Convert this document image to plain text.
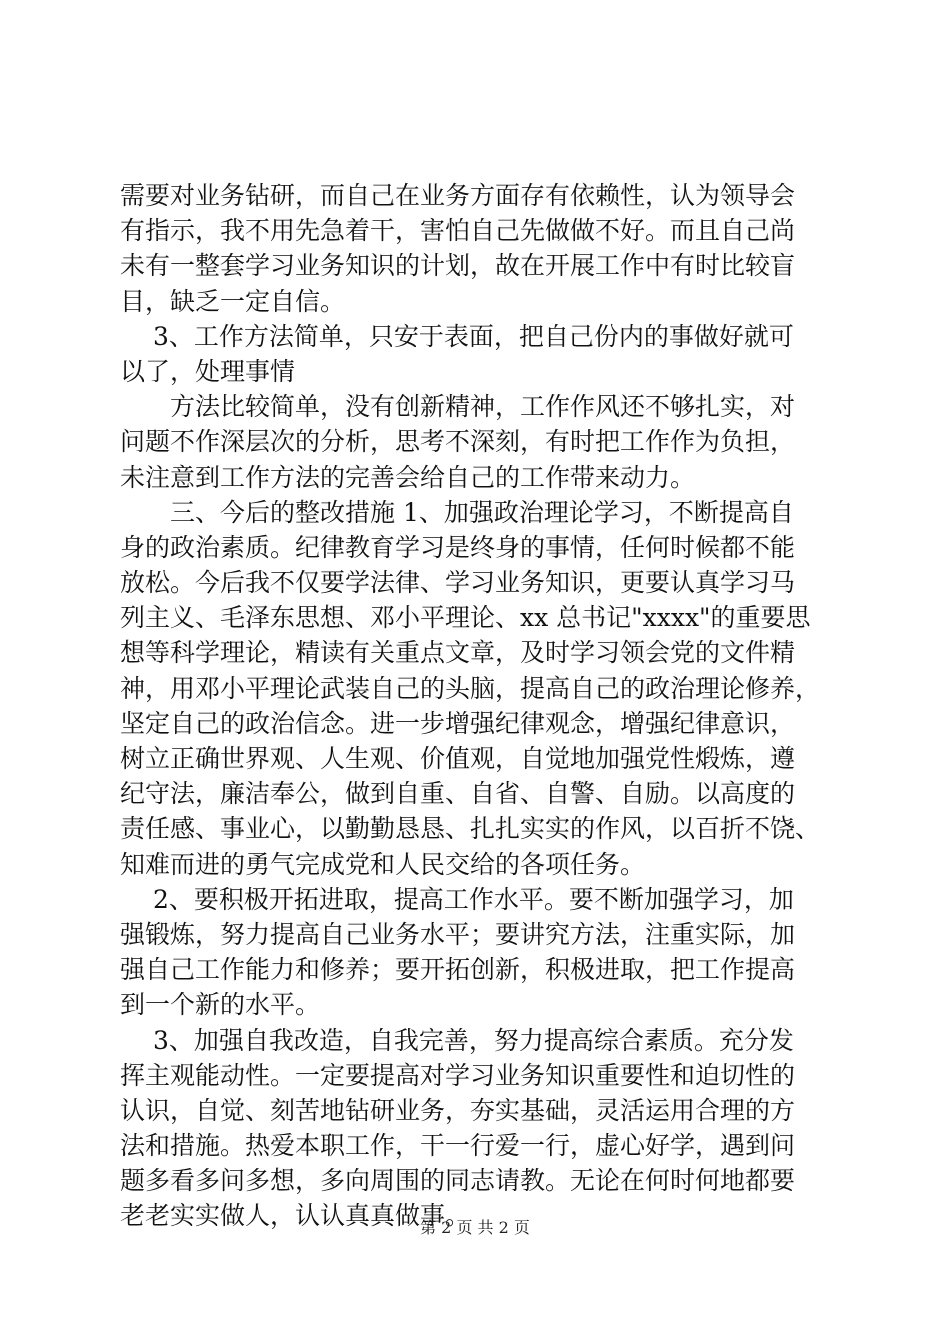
需要对业务钻研，而自己在业务方面存有依赖性，认为领导会
有指示，我不用先急着干，害怕自己先做做不好。而且自己尚
未有一整套学习业务知识的计划，故在开展工作中有时比较盲
目，缺乏一定自信。
　 3、工作方法简单，只安于表面，把自己份内的事做好就可
以了，处理事情
　　方法比较简单，没有创新精神，工作作风还不够扎实，对
问题不作深层次的分析，思考不深刻，有时把工作作为负担，
未注意到工作方法的完善会给自己的工作带来动力。
　　三、今后的整改措施 1、加强政治理论学习，不断提高自
身的政治素质。纪律教育学习是终身的事情，任何时候都不能
放松。今后我不仅要学法律、学习业务知识，更要认真学习马
列主义、毛泽东思想、邓小平理论、xx 总书记"xxxx"的重要思
想等科学理论，精读有关重点文章，及时学习领会党的文件精
神，用邓小平理论武装自己的头脑，提高自己的政治理论修养，
坚定自己的政治信念。进一步增强纪律观念，增强纪律意识，
树立正确世界观、人生观、价值观，自觉地加强党性煅炼，遵
纪守法，廉洁奉公，做到自重、自省、自警、自励。以高度的
责任感、事业心，以勤勤恳恳、扎扎实实的作风，以百折不饶、
知难而进的勇气完成党和人民交给的各项任务。
　 2、要积极开拓进取，提高工作水平。要不断加强学习，加
强锻炼，努力提高自己业务水平；要讲究方法，注重实际，加
强自己工作能力和修养；要开拓创新，积极进取，把工作提高
到一个新的水平。
　 3、加强自我改造，自我完善，努力提高综合素质。充分发
挥主观能动性。一定要提高对学习业务知识重要性和迫切性的
认识，自觉、刻苦地钻研业务，夯实基础，灵活运用合理的方
法和措施。热爱本职工作，干一行爱一行，虚心好学，遇到问
题多看多问多想，多向周围的同志请教。无论在何时何地都要
老老实实做人，认认真真做事。
第 2 页 共 2 页
